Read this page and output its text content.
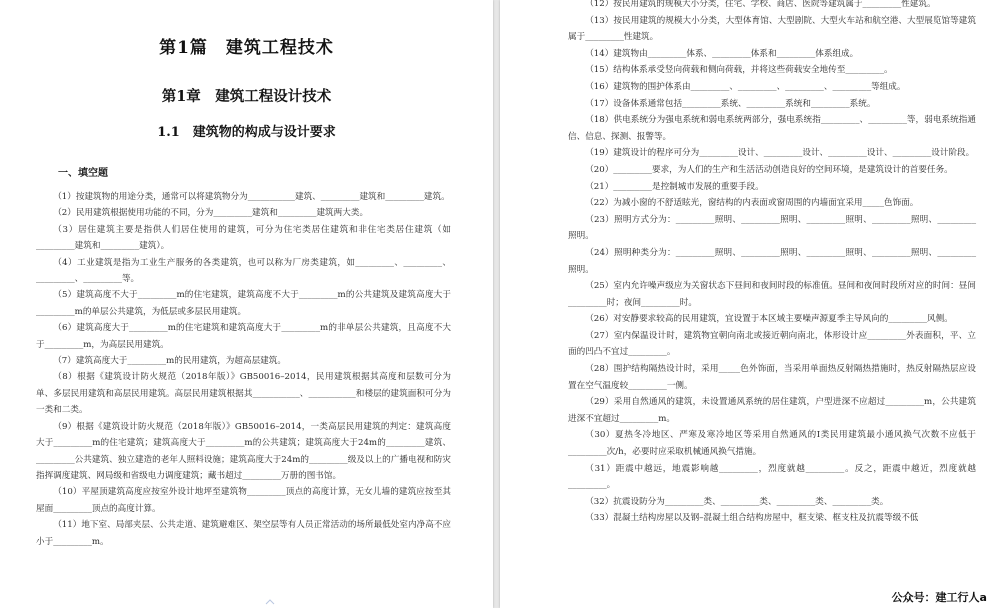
第1篇　建筑工程技术
第1章　建筑工程设计技术
1.1　建筑物的构成与设计要求
一、填空题

（1）按建筑物的用途分类，通常可以将建筑物分为___________建筑、_________建筑和_________建筑。

（2）民用建筑根据使用功能的不同，分为_________建筑和_________建筑两大类。

（3）居住建筑主要是指供人们居住使用的建筑，可分为住宅类居住建筑和非住宅类居住建筑（如_________建筑和_________建筑）。

（4）工业建筑是指为工业生产服务的各类建筑，也可以称为厂房类建筑，如_________、_________、_________、_________等。

（5）建筑高度不大于_________m的住宅建筑，建筑高度不大于_________m的公共建筑及建筑高度大于_________m的单层公共建筑，为低层或多层民用建筑。

（6）建筑高度大于_________m的住宅建筑和建筑高度大于_________m的非单层公共建筑，且高度不大于_________m，为高层民用建筑。

（7）建筑高度大于_________m的民用建筑，为超高层建筑。

（8）根据《建筑设计防火规范（2018年版）》GB50016–2014，民用建筑根据其高度和层数可分为单、多层民用建筑和高层民用建筑。高层民用建筑根据其___________、___________和楼层的建筑面积可分为一类和二类。

（9）根据《建筑设计防火规范（2018年版）》GB50016–2014，一类高层民用建筑的判定：建筑高度大于_________m的住宅建筑；建筑高度大于_________m的公共建筑；建筑高度大于24m的_________建筑、_________公共建筑、独立建造的老年人照料设施；建筑高度大于24m的_________级及以上的广播电视和防灾指挥调度建筑、网局级和省级电力调度建筑；藏书超过_________万册的图书馆。

（10）平屋顶建筑高度应按室外设计地坪至建筑物_________顶点的高度计算，无女儿墙的建筑应按至其屋面_________顶点的高度计算。

（11）地下室、局部夹层、公共走道、建筑避难区、架空层等有人员正常活动的场所最低处室内净高不应小于_________m。

（12）按民用建筑的规模大小分类，住宅、学校、商店、医院等建筑属于_________性建筑。

（13）按民用建筑的规模大小分类，大型体育馆、大型剧院、大型火车站和航空港、大型展览馆等建筑属于_________性建筑。

（14）建筑物由_________体系、_________体系和_________体系组成。

（15）结构体系承受竖向荷载和侧向荷载，并将这些荷载安全地传至_________。

（16）建筑物的围护体系由_________、_________、_________、_________等组成。

（17）设备体系通常包括_________系统、_________系统和_________系统。

（18）供电系统分为强电系统和弱电系统两部分，强电系统指_________、_________等，弱电系统指通信、信息、探测、报警等。

（19）建筑设计的程序可分为_________设计、_________设计、_________设计、_________设计阶段。

（20）_________要求，为人们的生产和生活活动创造良好的空间环境，是建筑设计的首要任务。

（21）_________是控制城市发展的重要手段。

（22）为减小窗的不舒适眩光，窗结构的内表面或窗周围的内墙面宜采用_____色饰面。

（23）照明方式分为：_________照明、_________照明、_________照明、_________照明、_________照明。

（24）照明种类分为：_________照明、_________照明、_________照明、_________照明、_________照明。

（25）室内允许噪声级应为关窗状态下昼间和夜间时段的标准值。昼间和夜间时段所对应的时间：昼间_________时；夜间_________时。

（26）对安静要求较高的民用建筑，宜设置于本区域主要噪声源夏季主导风向的_________风侧。

（27）室内保温设计时，建筑物宜朝向南北或接近朝向南北，体形设计应_________外表面积，平、立面的凹凸不宜过_________。

（28）围护结构隔热设计时，采用_____色外饰面，当采用单面热反射隔热措施时，热反射隔热层应设置在空气温度较_________一侧。

（29）采用自然通风的建筑，未设置通风系统的居住建筑，户型进深不应超过_________m，公共建筑进深不宜超过_________m。

（30）夏热冬冷地区、严寒及寒冷地区等采用自然通风的Ⅰ类民用建筑最小通风换气次数不应低于_________次/h，必要时应采取机械通风换气措施。

（31）距震中越远，地震影响越_________，烈度就越_________。反之，距震中越近，烈度就越_________。

（32）抗震设防分为_________类、_________类、_________类、_________类。

（33）混凝土结构房屋以及钢–混凝土组合结构房屋中，框支梁、框支柱及抗震等级不低

公众号：建工行人a
